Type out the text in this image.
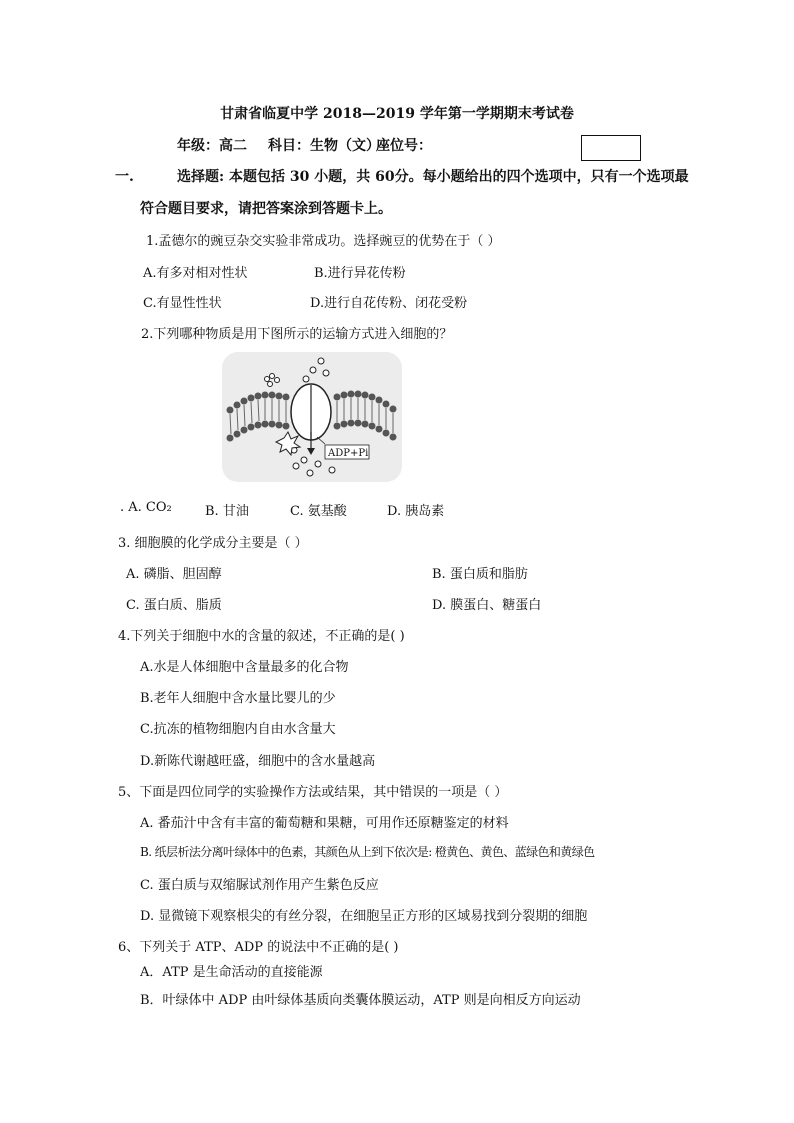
甘肃省临夏中学 2018—2019 学年第一学期期末考试卷
年级：高二 科目：生物（文）
座位号：
一.	选择题: 本题包括 30 小题，共 60分。每小题给出的四个选项中，只有一个选项最
符合题目要求，请把答案涂到答题卡上。
1.孟德尔的豌豆杂交实验非常成功。选择豌豆的优势在于（ ）
A.有多对相对性状	B.进行异花传粉
C.有显性性状	D.进行自花传粉、闭花受粉
2.下列哪种物质是用下图所示的运输方式进入细胞的？
ADP+Pi
. A. CO₂	B. 甘油	C. 氨基酸	D. 胰岛素
3. 细胞膜的化学成分主要是（ ）
A. 磷脂、胆固醇	B. 蛋白质和脂肪
C. 蛋白质、脂质	D. 膜蛋白、糖蛋白
4.下列关于细胞中水的含量的叙述，不正确的是( )
A.水是人体细胞中含量最多的化合物
B.老年人细胞中含水量比婴儿的少
C.抗冻的植物细胞内自由水含量大
D.新陈代谢越旺盛，细胞中的含水量越高
5、下面是四位同学的实验操作方法或结果，其中错误的一项是（ ）
A. 番茄汁中含有丰富的葡萄糖和果糖，可用作还原糖鉴定的材料
B. 纸层析法分离叶绿体中的色素，其颜色从上到下依次是: 橙黄色、黄色、蓝绿色和黄绿色
C. 蛋白质与双缩脲试剂作用产生紫色反应
D. 显微镜下观察根尖的有丝分裂，在细胞呈正方形的区域易找到分裂期的细胞
6、下列关于 ATP、ADP 的说法中不正确的是( )
A．ATP 是生命活动的直接能源
B．叶绿体中 ADP 由叶绿体基质向类囊体膜运动，ATP 则是向相反方向运动
